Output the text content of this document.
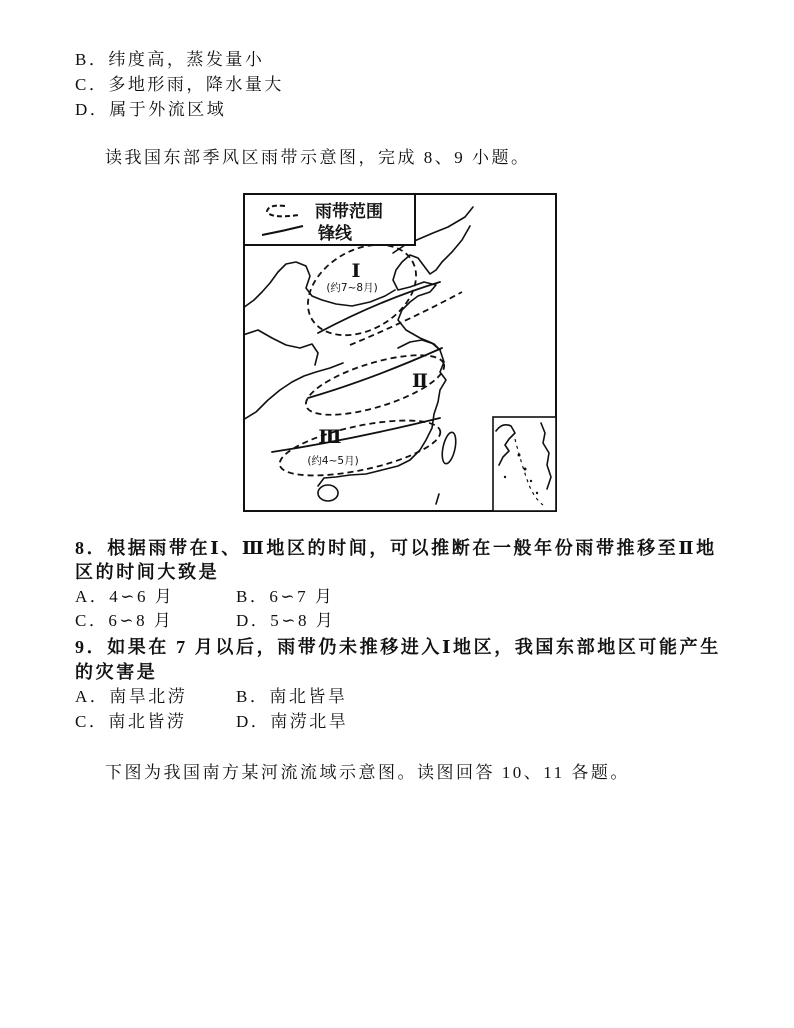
B．纬度高，蒸发量小
C．多地形雨，降水量大
D．属于外流区域
读我国东部季风区雨带示意图，完成 8、9 小题。
Ⅰ
(约7~8月)
Ⅱ
Ⅲ
(约4~5月)
雨带范围
锋线
8．根据雨带在Ⅰ、Ⅲ地区的时间，可以推断在一般年份雨带推移至Ⅱ地
区的时间大致是
A．4∽6 月	B．6∽7 月
C．6∽8 月	D．5∽8 月
9．如果在 7 月以后，雨带仍未推移进入Ⅰ地区，我国东部地区可能产生
的灾害是
A．南旱北涝	B．南北皆旱
C．南北皆涝	D．南涝北旱
下图为我国南方某河流流域示意图。读图回答 10、11 各题。
